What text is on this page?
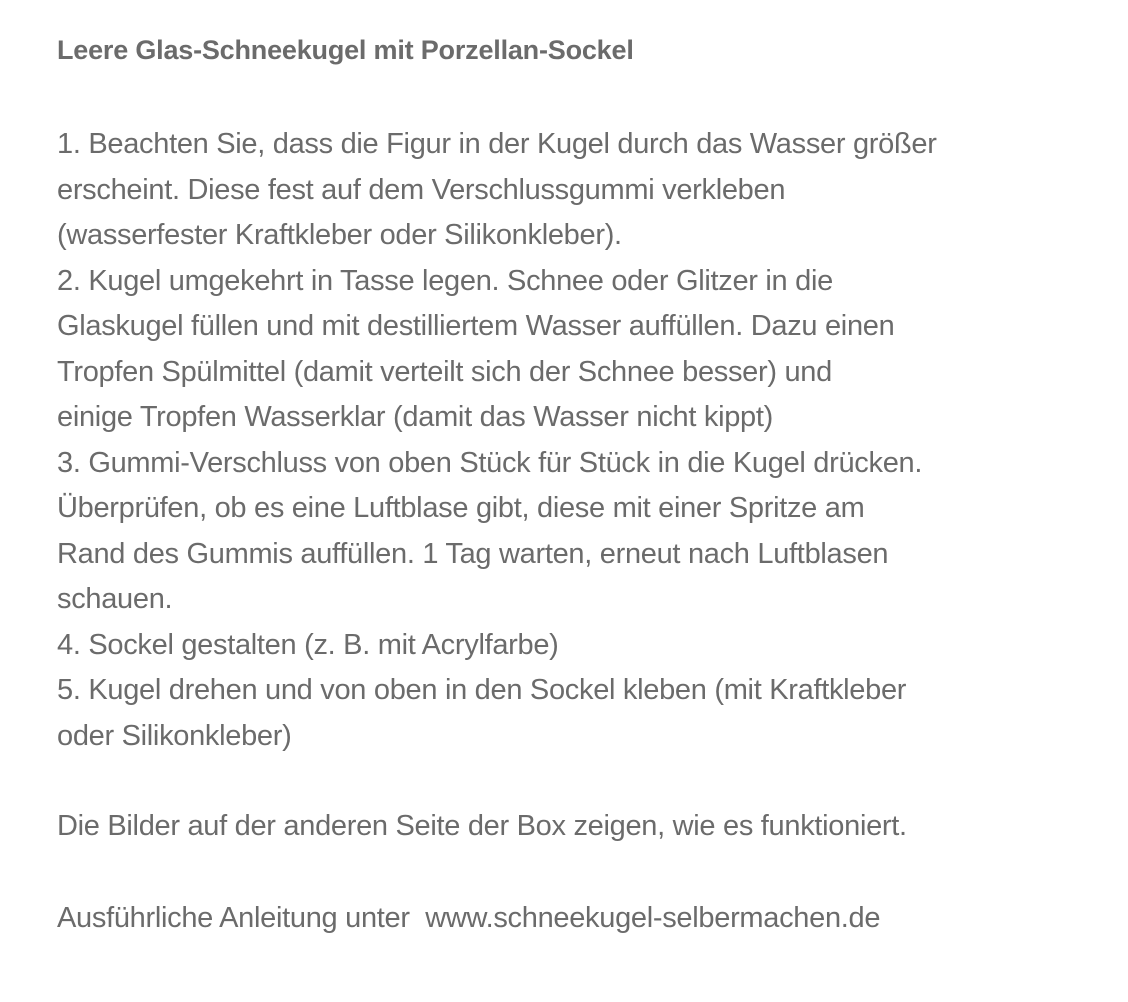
Leere Glas-Schneekugel mit Porzellan-Sockel
1. Beachten Sie, dass die Figur in der Kugel durch das Wasser größer
erscheint. Diese fest auf dem Verschlussgummi verkleben
(wasserfester Kraftkleber oder Silikonkleber).
2. Kugel umgekehrt in Tasse legen. Schnee oder Glitzer in die
Glaskugel füllen und mit destilliertem Wasser auffüllen. Dazu einen
Tropfen Spülmittel (damit verteilt sich der Schnee besser) und
einige Tropfen Wasserklar (damit das Wasser nicht kippt)
3. Gummi-Verschluss von oben Stück für Stück in die Kugel drücken.
Überprüfen, ob es eine Luftblase gibt, diese mit einer Spritze am
Rand des Gummis auffüllen. 1 Tag warten, erneut nach Luftblasen
schauen.
4. Sockel gestalten (z. B. mit Acrylfarbe)
5. Kugel drehen und von oben in den Sockel kleben (mit Kraftkleber
oder Silikonkleber)
Die Bilder auf der anderen Seite der Box zeigen, wie es funktioniert.
Ausführliche Anleitung unter www.schneekugel-selbermachen.de
